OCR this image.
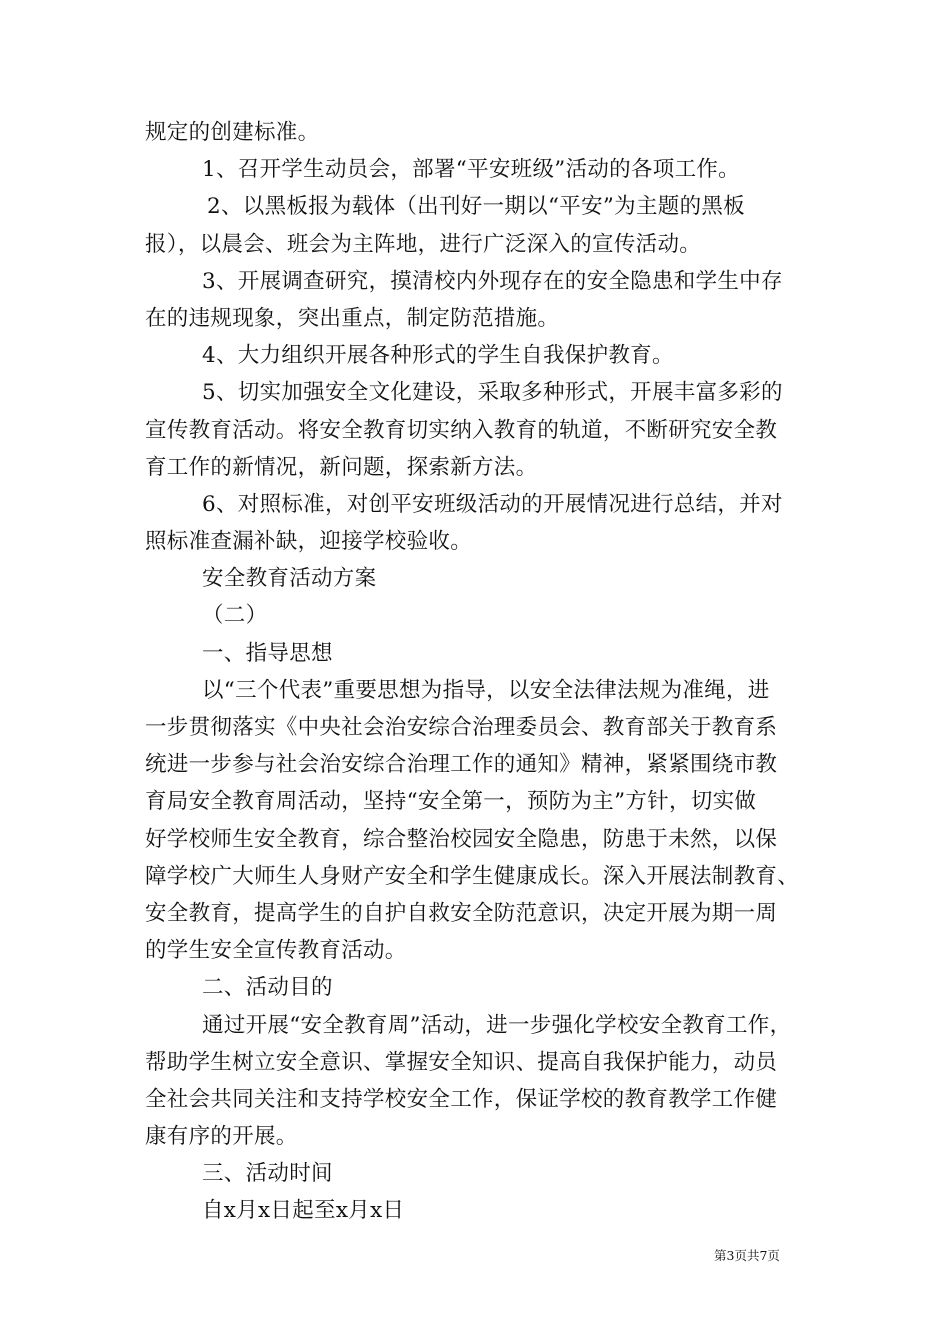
规定的创建标准。
1、召开学生动员会，部署“平安班级”活动的各项工作。
2、以黑板报为载体（出刊好一期以“平安”为主题的黑板
报），以晨会、班会为主阵地，进行广泛深入的宣传活动。
3、开展调查研究，摸清校内外现存在的安全隐患和学生中存
在的违规现象，突出重点，制定防范措施。
4、大力组织开展各种形式的学生自我保护教育。
5、切实加强安全文化建设，采取多种形式，开展丰富多彩的
宣传教育活动。将安全教育切实纳入教育的轨道，不断研究安全教
育工作的新情况，新问题，探索新方法。
6、对照标准，对创平安班级活动的开展情况进行总结，并对
照标准查漏补缺，迎接学校验收。
安全教育活动方案
（二）
一、指导思想
以“三个代表”重要思想为指导，以安全法律法规为准绳，进
一步贯彻落实《中央社会治安综合治理委员会、教育部关于教育系
统进一步参与社会治安综合治理工作的通知》精神，紧紧围绕市教
育局安全教育周活动，坚持“安全第一，预防为主”方针，切实做
好学校师生安全教育，综合整治校园安全隐患，防患于未然，以保
障学校广大师生人身财产安全和学生健康成长。深入开展法制教育、
安全教育，提高学生的自护自救安全防范意识，决定开展为期一周
的学生安全宣传教育活动。
二、活动目的
通过开展“安全教育周”活动，进一步强化学校安全教育工作，
帮助学生树立安全意识、掌握安全知识、提高自我保护能力，动员
全社会共同关注和支持学校安全工作，保证学校的教育教学工作健
康有序的开展。
三、活动时间
自x月x日起至x月x日
第3页共7页
